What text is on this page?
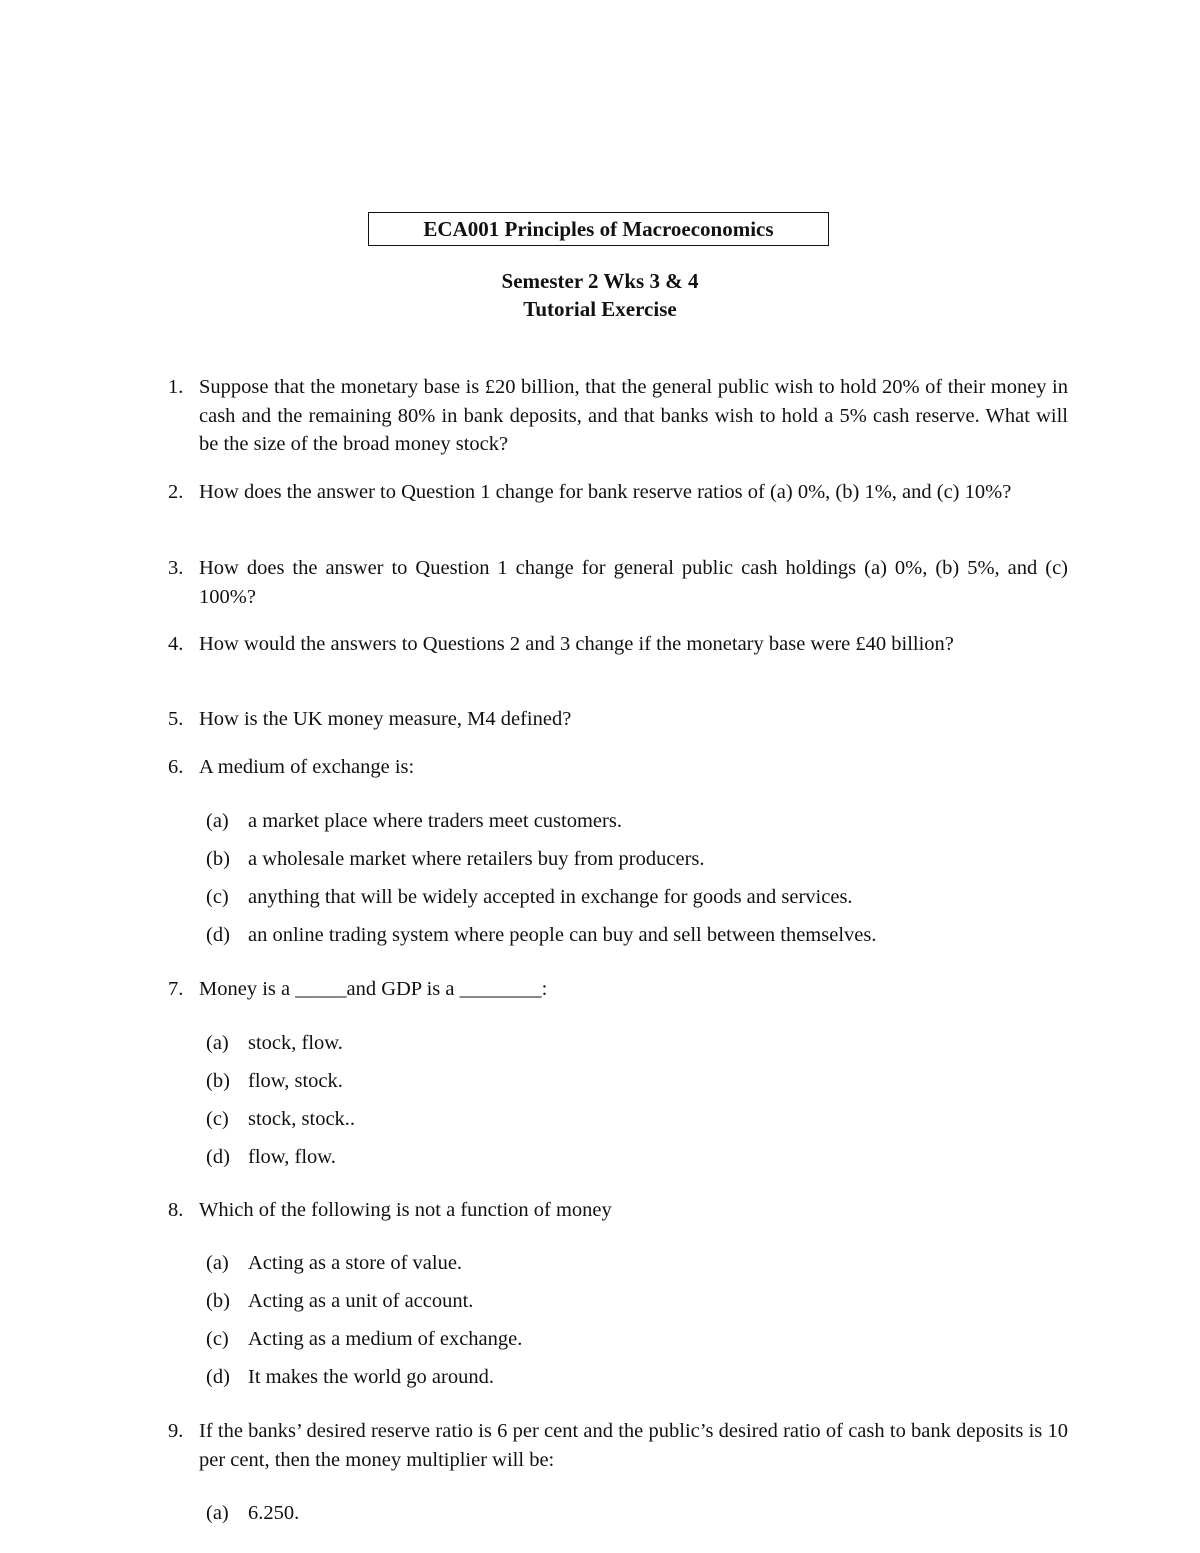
ECA001 Principles of Macroeconomics
Semester 2 Wks 3 & 4
Tutorial Exercise
1. Suppose that the monetary base is £20 billion, that the general public wish to hold 20% of their money in cash and the remaining 80% in bank deposits, and that banks wish to hold a 5% cash reserve. What will be the size of the broad money stock?
2. How does the answer to Question 1 change for bank reserve ratios of (a) 0%, (b) 1%, and (c) 10%?
3. How does the answer to Question 1 change for general public cash holdings (a) 0%, (b) 5%, and (c) 100%?
4. How would the answers to Questions 2 and 3 change if the monetary base were £40 billion?
5. How is the UK money measure, M4 defined?
6. A medium of exchange is:
(a) a market place where traders meet customers.
(b) a wholesale market where retailers buy from producers.
(c) anything that will be widely accepted in exchange for goods and services.
(d) an online trading system where people can buy and sell between themselves.
7. Money is a _____and GDP is a ________:
(a) stock, flow.
(b) flow, stock.
(c) stock, stock..
(d) flow, flow.
8. Which of the following is not a function of money
(a) Acting as a store of value.
(b) Acting as a unit of account.
(c) Acting as a medium of exchange.
(d) It makes the world go around.
9. If the banks’ desired reserve ratio is 6 per cent and the public’s desired ratio of cash to bank deposits is 10 per cent, then the money multiplier will be:
(a) 6.250.
